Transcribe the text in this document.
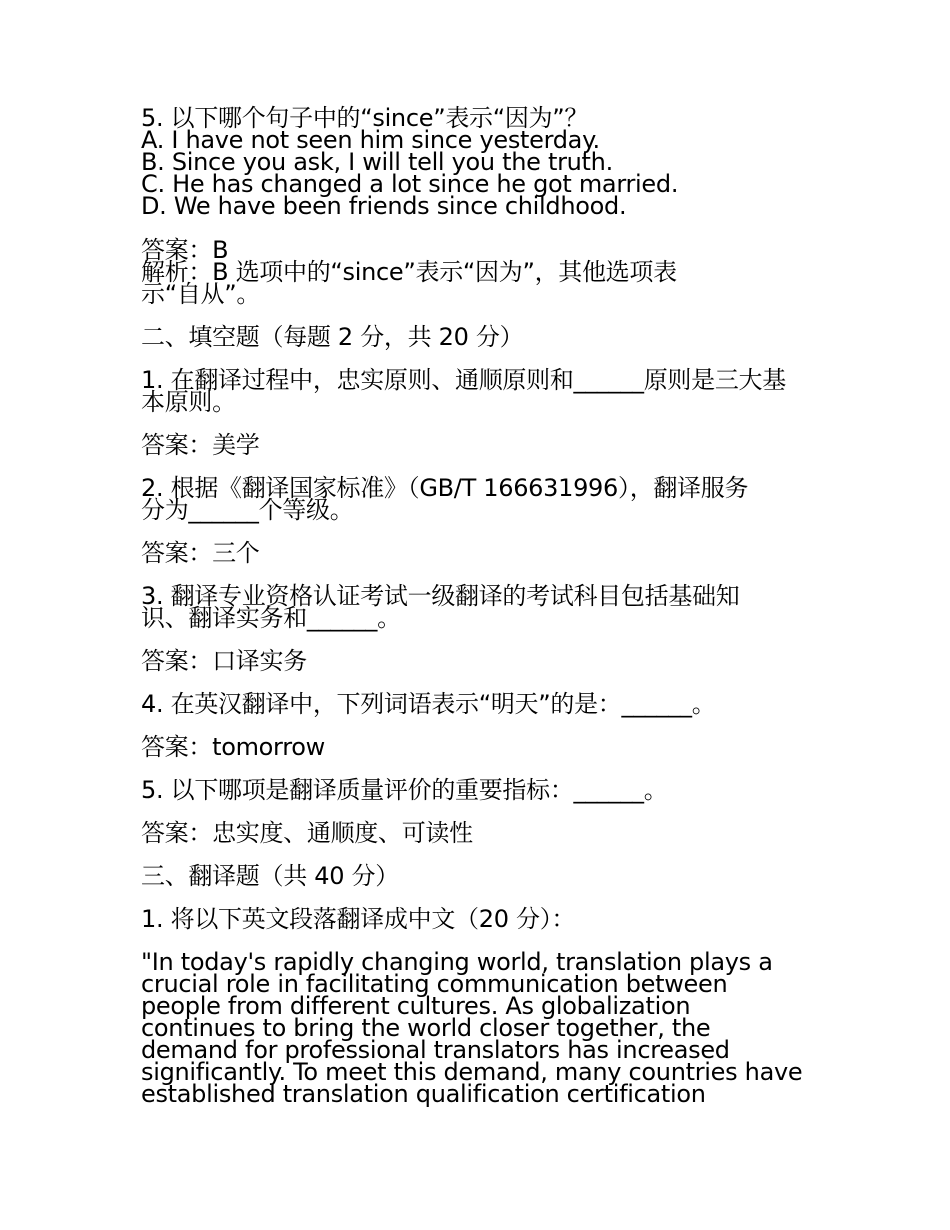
5. 以下哪个句子中的“since”表示“因为”？
A. I have not seen him since yesterday.
B. Since you ask, I will tell you the truth.
C. He has changed a lot since he got married.
D. We have been friends since childhood.
答案：B
解析：B 选项中的“since”表示“因为”，其他选项表
示“自从”。
二、填空题（每题 2 分，共 20 分）
1. 在翻译过程中，忠实原则、通顺原则和______原则是三大基
本原则。
答案：美学
2. 根据《翻译国家标准》（GB/T 166631996），翻译服务
分为______个等级。
答案：三个
3. 翻译专业资格认证考试一级翻译的考试科目包括基础知
识、翻译实务和______。
答案：口译实务
4. 在英汉翻译中，下列词语表示“明天”的是：______。
答案：tomorrow
5. 以下哪项是翻译质量评价的重要指标：______。
答案：忠实度、通顺度、可读性
三、翻译题（共 40 分）
1. 将以下英文段落翻译成中文（20 分）：
"In today's rapidly changing world, translation plays a
crucial role in facilitating communication between
people from different cultures. As globalization
continues to bring the world closer together, the
demand for professional translators has increased
significantly. To meet this demand, many countries have
established translation qualification certification
